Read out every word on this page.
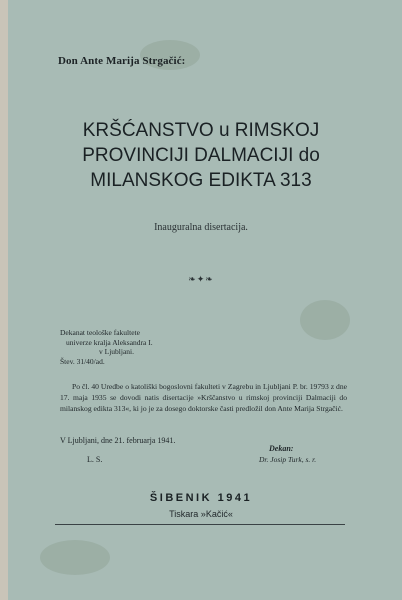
Don Ante Marija Strgačić:
KRŠĆANSTVO u RIMSKOJ
PROVINCIJI DALMACIJI do
MILANSKOG EDIKTA 313
Inauguralna disertacija.
❧✦❧
Dekanat teološke fakultete
univerze kralja Aleksandra I.
v Ljubljani.
Štev. 31/40/ad.
Po čl. 40 Uredbe o katoliški bogoslovni fakulteti v Zagrebu in Ljubljani P. br. 19793 z dne 17. maja 1935 se dovodi natis disertacije »Krščanstvo u rimskoj provinciji Dalmaciji do milanskog edikta 313«, ki jo je za dosego doktorske časti predložil don Ante Marija Strgačić.
V Ljubljani, dne 21. februarja 1941.
Dekan:
L. S.	Dr. Josip Turk, s. r.
ŠIBENIK 1941
Tiskara »Kačić«
